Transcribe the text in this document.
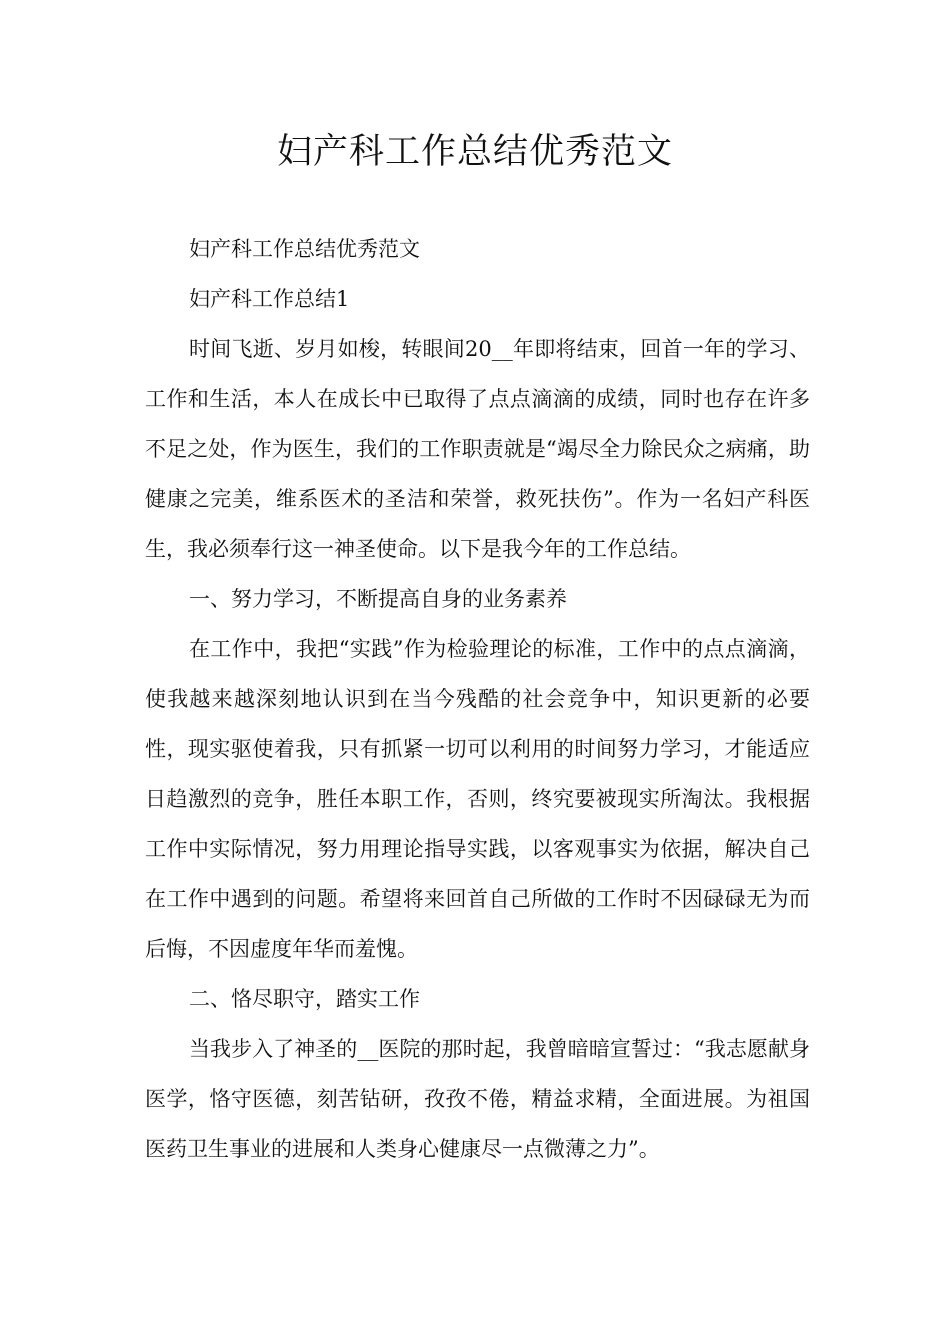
妇产科工作总结优秀范文

妇产科工作总结优秀范文

妇产科工作总结1

时间飞逝、岁月如梭，转眼间20__年即将结束，回首一年的学习、工作和生活，本人在成长中已取得了点点滴滴的成绩，同时也存在许多不足之处，作为医生，我们的工作职责就是“竭尽全力除民众之病痛，助健康之完美，维系医术的圣洁和荣誉，救死扶伤”。作为一名妇产科医生，我必须奉行这一神圣使命。以下是我今年的工作总结。

一、努力学习，不断提高自身的业务素养

在工作中，我把“实践”作为检验理论的标准，工作中的点点滴滴，使我越来越深刻地认识到在当今残酷的社会竞争中，知识更新的必要性，现实驱使着我，只有抓紧一切可以利用的时间努力学习，才能适应日趋激烈的竞争，胜任本职工作，否则，终究要被现实所淘汰。我根据工作中实际情况，努力用理论指导实践，以客观事实为依据，解决自己在工作中遇到的问题。希望将来回首自己所做的工作时不因碌碌无为而后悔，不因虚度年华而羞愧。

二、恪尽职守，踏实工作

当我步入了神圣的__医院的那时起，我曾暗暗宣誓过：“我志愿献身医学，恪守医德，刻苦钻研，孜孜不倦，精益求精，全面进展。为祖国医药卫生事业的进展和人类身心健康尽一点微薄之力”。
